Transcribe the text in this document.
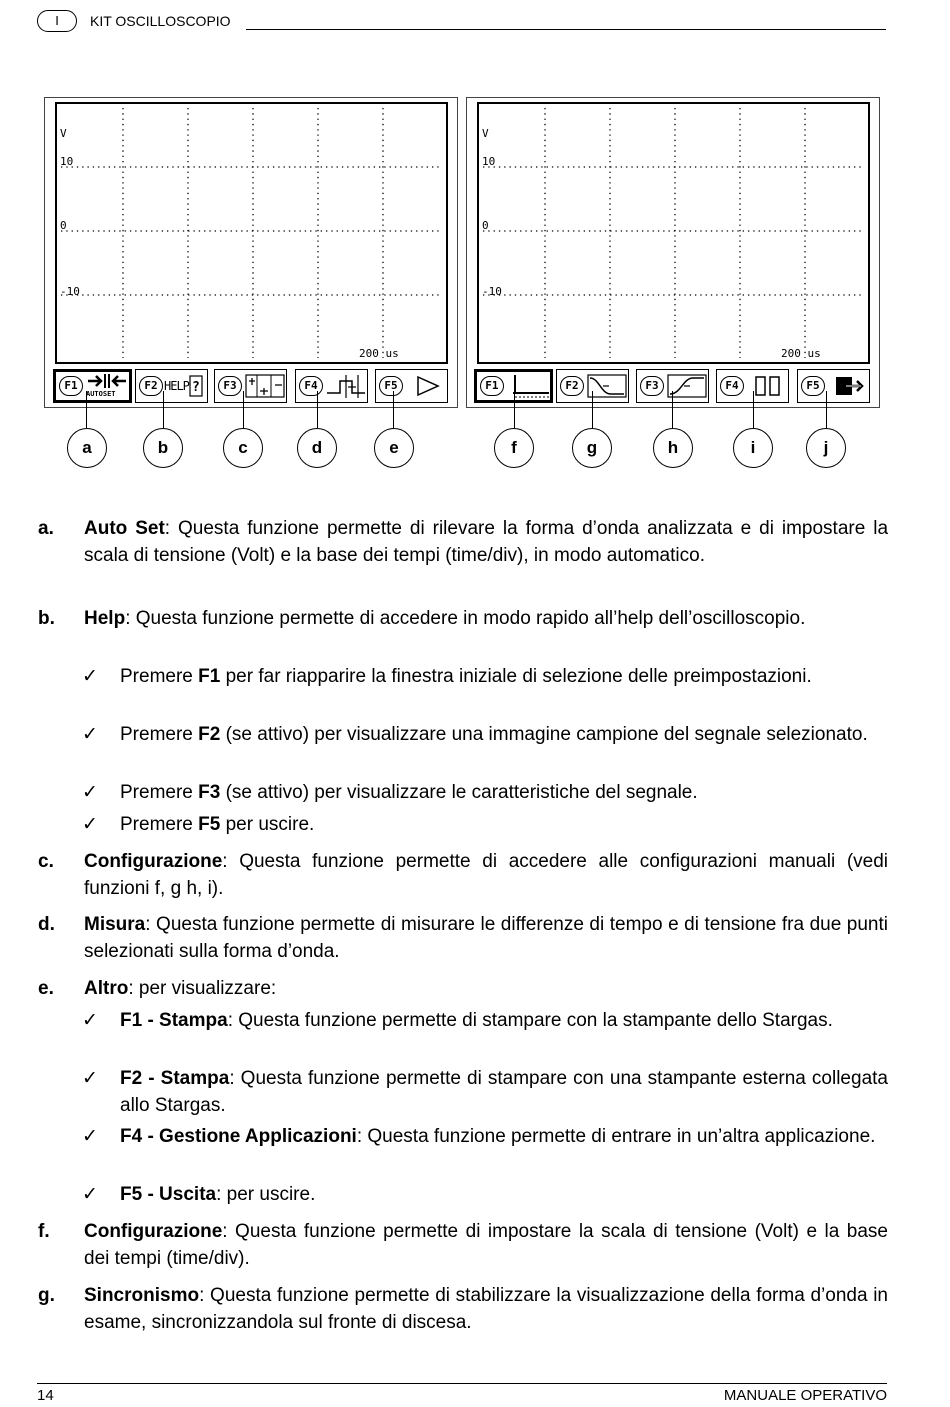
I	KIT OSCILLOSCOPIO
V
10
0
-10
200 us
F1
AUTOSET
F2 HELP ?	F3	F4	F5
V
10
0
-10
200 us
F1	F2	F3	F4	F5
a	b	c	d	e	f	g	h	i	j
a. Auto Set: Questa funzione permette di rilevare la forma d’onda analizzata e di impostare la scala di tensione (Volt) e la base dei tempi (time/div), in modo automatico.
b. Help: Questa funzione permette di accedere in modo rapido all’help dell’oscilloscopio.
✓ Premere F1 per far riapparire la finestra iniziale di selezione delle preimpostazioni.
✓ Premere F2 (se attivo) per visualizzare una immagine campione del segnale selezionato.
✓ Premere F3 (se attivo) per visualizzare le caratteristiche del segnale.
✓ Premere F5 per uscire.
c. Configurazione: Questa funzione permette di accedere alle configurazioni manuali (vedi funzioni f, g h, i).
d. Misura: Questa funzione permette di misurare le differenze di tempo e di tensione fra due punti selezionati sulla forma d’onda.
e. Altro: per visualizzare:
✓ F1 - Stampa: Questa funzione permette di stampare con la stampante dello Stargas.
✓ F2 - Stampa: Questa funzione permette di stampare con una stampante esterna collegata allo Stargas.
✓ F4 - Gestione Applicazioni: Questa funzione permette di entrare in un’altra applicazione.
✓ F5 - Uscita: per uscire.
f. Configurazione: Questa funzione permette di impostare la scala di tensione (Volt) e la base dei tempi (time/div).
g. Sincronismo: Questa funzione permette di stabilizzare la visualizzazione della forma d’onda in esame, sincronizzandola sul fronte di discesa.
14	MANUALE OPERATIVO
